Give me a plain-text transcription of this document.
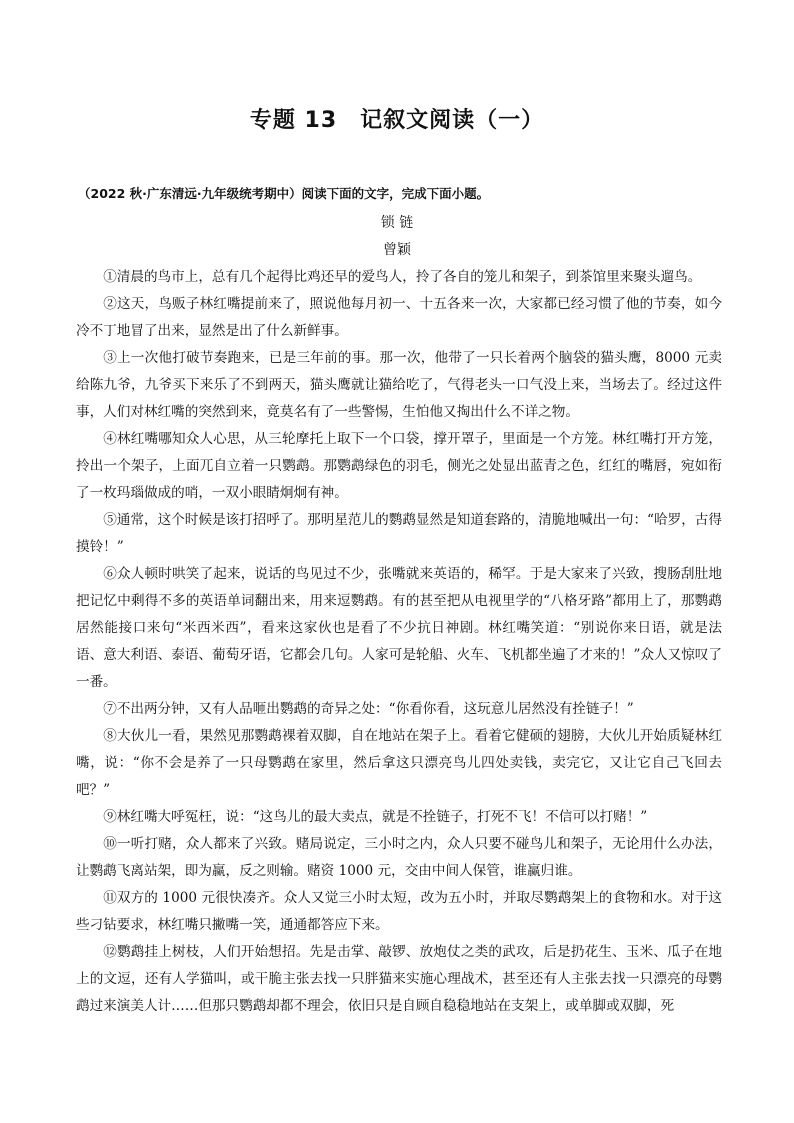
专题 13　记叙文阅读（一）
（2022 秋·广东清远·九年级统考期中）阅读下面的文字，完成下面小题。
锁 链
曾颖

①清晨的鸟市上，总有几个起得比鸡还早的爱鸟人，拎了各自的笼儿和架子，到茶馆里来聚头遛鸟。

②这天，鸟贩子林红嘴提前来了，照说他每月初一、十五各来一次，大家都已经习惯了他的节奏，如今冷不丁地冒了出来，显然是出了什么新鲜事。

③上一次他打破节奏跑来，已是三年前的事。那一次，他带了一只长着两个脑袋的猫头鹰，8000 元卖给陈九爷，九爷买下来乐了不到两天，猫头鹰就让猫给吃了，气得老头一口气没上来，当场去了。经过这件事，人们对林红嘴的突然到来，竟莫名有了一些警惕，生怕他又掏出什么不详之物。

④林红嘴哪知众人心思，从三轮摩托上取下一个口袋，撑开罩子，里面是一个方笼。林红嘴打开方笼，拎出一个架子，上面兀自立着一只鹦鹉。那鹦鹉绿色的羽毛，侧光之处显出蓝青之色，红红的嘴唇，宛如衔了一枚玛瑙做成的哨，一双小眼睛炯炯有神。

⑤通常，这个时候是该打招呼了。那明星范儿的鹦鹉显然是知道套路的，清脆地喊出一句：“哈罗，古得摸铃！”

⑥众人顿时哄笑了起来，说话的鸟见过不少，张嘴就来英语的，稀罕。于是大家来了兴致，搜肠刮肚地把记忆中剩得不多的英语单词翻出来，用来逗鹦鹉。有的甚至把从电视里学的“八格牙路”都用上了，那鹦鹉居然能接口来句“米西米西”，看来这家伙也是看了不少抗日神剧。林红嘴笑道：“别说你来日语，就是法语、意大利语、泰语、葡萄牙语，它都会几句。人家可是轮船、火车、飞机都坐遍了才来的！”众人又惊叹了一番。

⑦不出两分钟，又有人品咂出鹦鹉的奇异之处：“你看你看，这玩意儿居然没有拴链子！”

⑧大伙儿一看，果然见那鹦鹉裸着双脚，自在地站在架子上。看着它健硕的翅膀，大伙儿开始质疑林红嘴，说：“你不会是养了一只母鹦鹉在家里，然后拿这只漂亮鸟儿四处卖钱，卖完它，又让它自己飞回去吧？”

⑨林红嘴大呼冤枉，说：“这鸟儿的最大卖点，就是不拴链子，打死不飞！不信可以打赌！”

⑩一听打赌，众人都来了兴致。赌局说定，三小时之内，众人只要不碰鸟儿和架子，无论用什么办法，让鹦鹉飞离站架，即为赢，反之则输。赌资 1000 元，交由中间人保管，谁赢归谁。

⑪双方的 1000 元很快凑齐。众人又觉三小时太短，改为五小时，并取尽鹦鹉架上的食物和水。对于这些刁钻要求，林红嘴只撇嘴一笑，通通都答应下来。

⑫鹦鹉挂上树枝，人们开始想招。先是击掌、敲锣、放炮仗之类的武攻，后是扔花生、玉米、瓜子在地上的文逗，还有人学猫叫，或干脆主张去找一只胖猫来实施心理战术，甚至还有人主张去找一只漂亮的母鹦鹉过来演美人计……但那只鹦鹉却都不理会，依旧只是自顾自稳稳地站在支架上，或单脚或双脚，死
